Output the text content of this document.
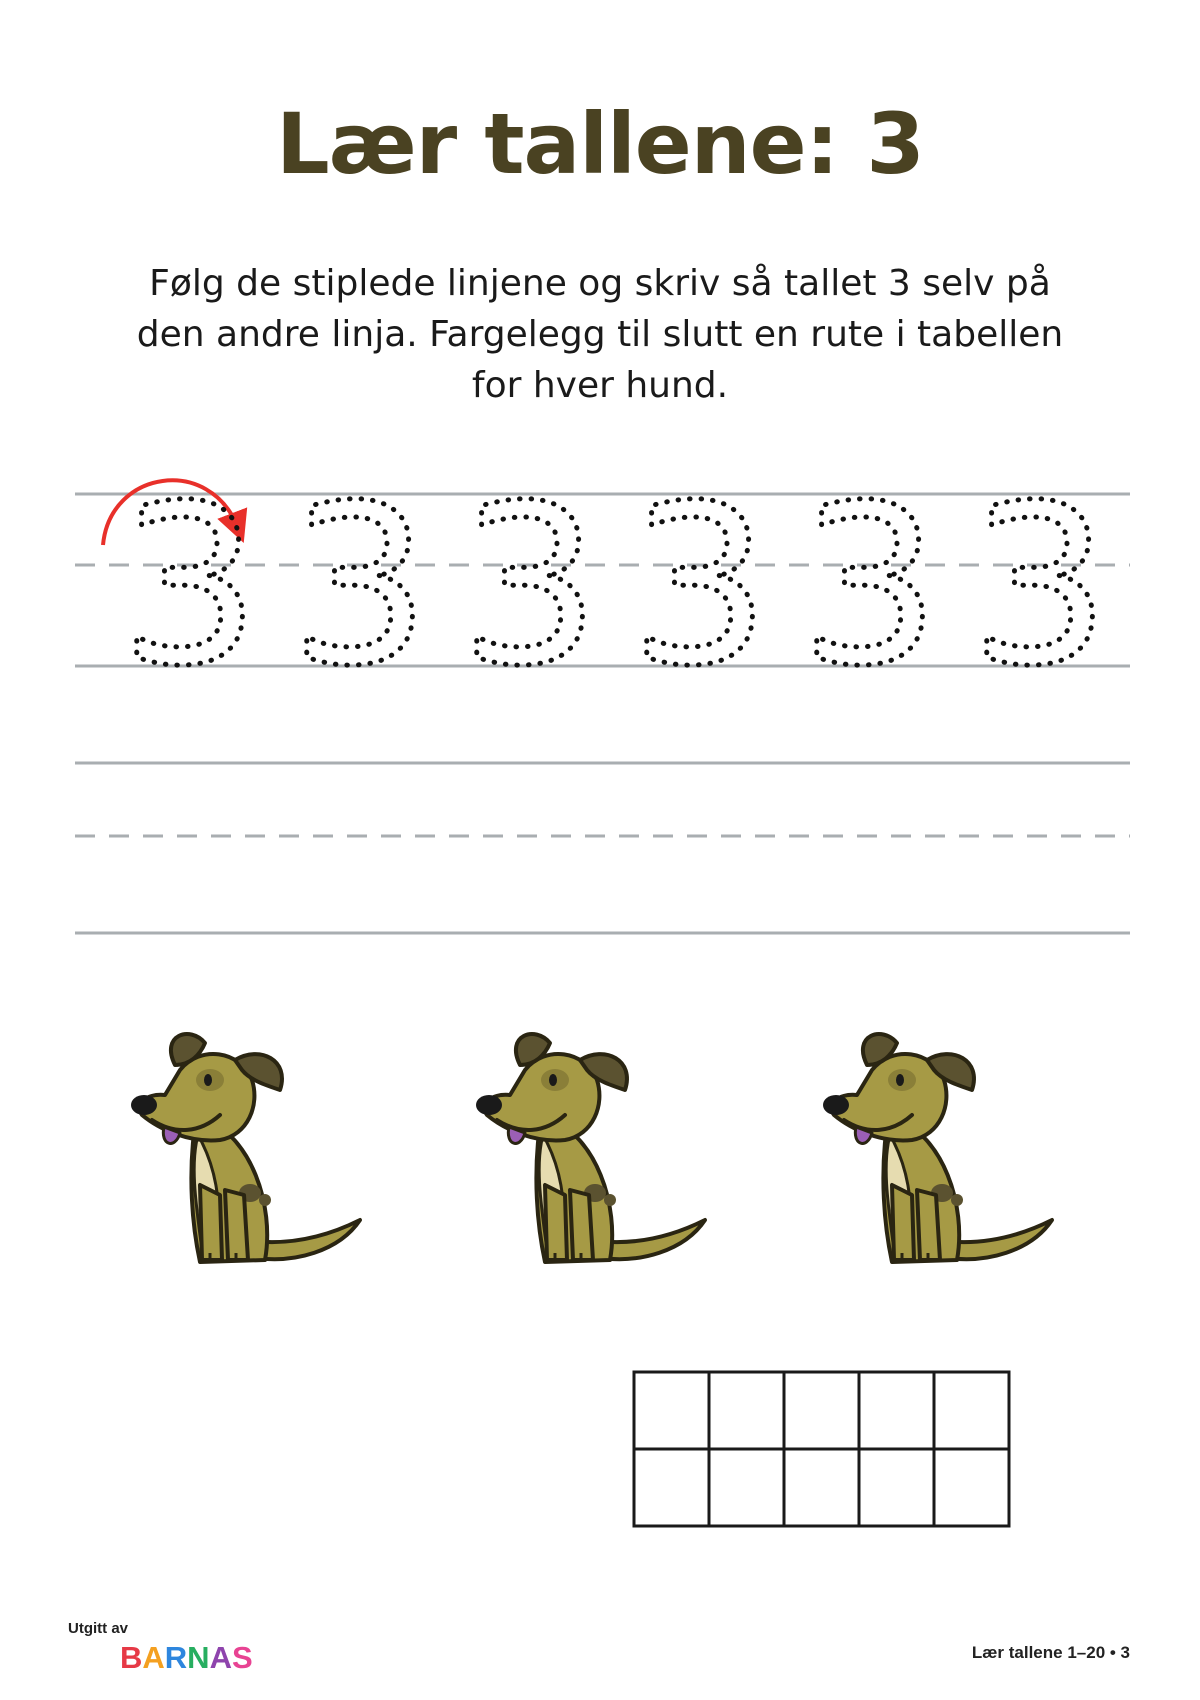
Lær tallene: 3
Følg de stiplede linjene og skriv så tallet 3 selv på
den andre linja. Fargelegg til slutt en rute i tabellen
for hver hund.
3 3 3 3 3 3
Utgitt av
BARNAS	Lær tallene 1–20 • 3
